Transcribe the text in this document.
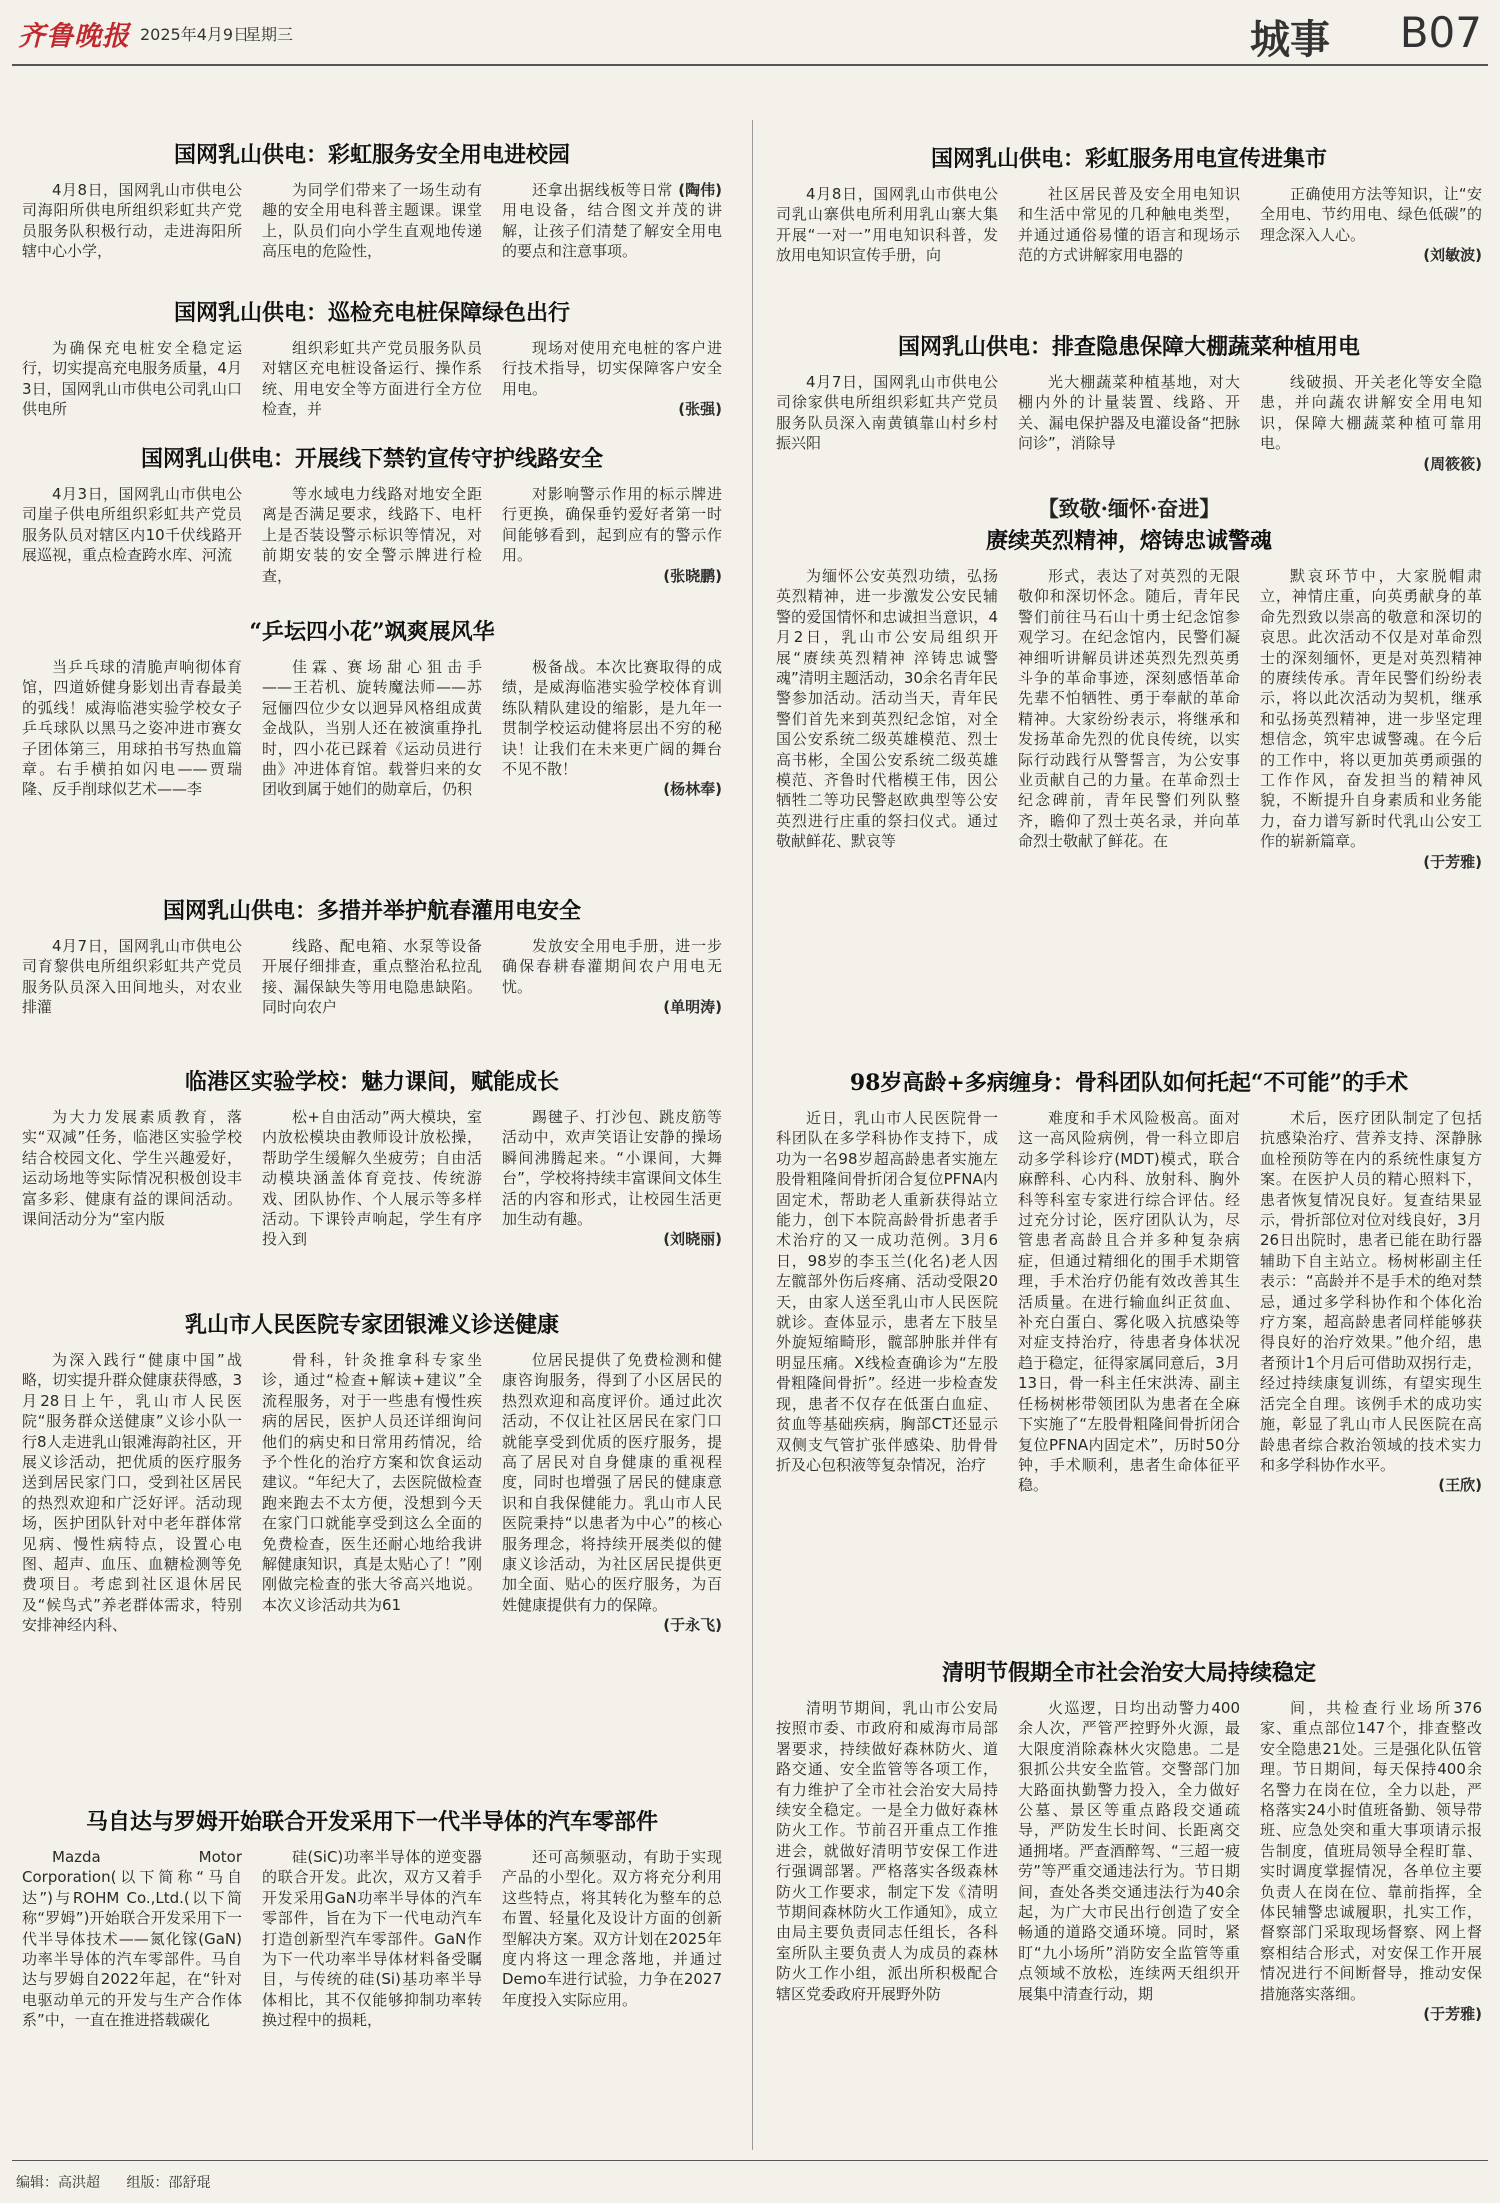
齐鲁晚报 2025年4月9日
星期三	城事 B07
国网乳山供电：彩虹服务安全用电进校园

4月8日，国网乳山市供电公司海阳所供电所组织彩虹共产党员服务队积极行动，走进海阳所辖中心小学，

为同学们带来了一场生动有趣的安全用电科普主题课。课堂上，队员们向小学生直观地传递高压电的危险性，

(陶伟)

还拿出据线板等日常用电设备，结合图文并茂的讲解，让孩子们清楚了解安全用电的要点和注意事项。

国网乳山供电：巡检充电桩保障绿色出行

为确保充电桩安全稳定运行，切实提高充电服务质量，4月3日，国网乳山市供电公司乳山口供电所

组织彩虹共产党员服务队员对辖区充电桩设备运行、操作系统、用电安全等方面进行全方位检查，并

现场对使用充电桩的客户进行技术指导，切实保障客户安全用电。

(张强)
国网乳山供电：开展线下禁钓宣传守护线路安全

4月3日，国网乳山市供电公司崖子供电所组织彩虹共产党员服务队员对辖区内10千伏线路开展巡视，重点检查跨水库、河流

等水域电力线路对地安全距离是否满足要求，线路下、电杆上是否装设警示标识等情况，对前期安装的安全警示牌进行检查，

对影响警示作用的标示牌进行更换，确保垂钓爱好者第一时间能够看到，起到应有的警示作用。

(张晓鹏)
“乒坛四小花”飒爽展风华

当乒乓球的清脆声响彻体育馆，四道娇健身影划出青春最美的弧线！威海临港实验学校女子乒乓球队以黑马之姿冲进市赛女子团体第三，用球拍书写热血篇章。右手横拍如闪电——贾瑞隆、反手削球似艺术——李

佳 霖 、赛 场 甜 心 狙 击 手——王若机、旋转魔法师——苏冠俪四位少女以迥异风格组成黄金战队，当别人还在被演重挣扎时，四小花已踩着《运动员进行曲》冲进体育馆。载誉归来的女团收到属于她们的勋章后，仍积

极备战。本次比赛取得的成绩，是威海临港实验学校体育训练队精队建设的缩影，是九年一贯制学校运动健将层出不穷的秘诀！让我们在未来更广阔的舞台不见不散！

(杨林奉)
国网乳山供电：多措并举护航春灌用电安全

4月7日，国网乳山市供电公司育黎供电所组织彩虹共产党员服务队员深入田间地头，对农业排灌

线路、配电箱、水泵等设备开展仔细排查，重点整治私拉乱接、漏保缺失等用电隐患缺陷。同时向农户

发放安全用电手册，进一步确保春耕春灌期间农户用电无忧。

(单明涛)
临港区实验学校：魅力课间，赋能成长

为大力发展素质教育，落实“双减”任务，临港区实验学校结合校园文化、学生兴趣爱好，运动场地等实际情况积极创设丰富多彩、健康有益的课间活动。课间活动分为“室内版

松+自由活动”两大模块，室内放松模块由教师设计放松操，帮助学生缓解久坐疲劳；自由活动模块涵盖体育竞技、传统游戏、团队协作、个人展示等多样活动。下课铃声响起，学生有序投入到

踢毽子、打沙包、跳皮筋等活动中，欢声笑语让安静的操场瞬间沸腾起来。“小课间，大舞台”，学校将持续丰富课间文体生活的内容和形式，让校园生活更加生动有趣。

(刘晓丽)
乳山市人民医院专家团银滩义诊送健康

为深入践行“健康中国”战略，切实提升群众健康获得感，3月28日上午，乳山市人民医院“服务群众送健康”义诊小队一行8人走进乳山银滩海韵社区，开展义诊活动，把优质的医疗服务送到居民家门口，受到社区居民的热烈欢迎和广泛好评。活动现场，医护团队针对中老年群体常见病、慢性病特点，设置心电图、超声、血压、血糖检测等免费项目。考虑到社区退休居民及“候鸟式”养老群体需求，特别安排神经内科、

骨科，针灸推拿科专家坐诊，通过“检查+解读+建议”全流程服务，对于一些患有慢性疾病的居民，医护人员还详细询问他们的病史和日常用药情况，给予个性化的治疗方案和饮食运动建议。“年纪大了，去医院做检查跑来跑去不太方便，没想到今天在家门口就能享受到这么全面的免费检查，医生还耐心地给我讲解健康知识，真是太贴心了！”刚刚做完检查的张大爷高兴地说。本次义诊活动共为61

位居民提供了免费检测和健康咨询服务，得到了小区居民的热烈欢迎和高度评价。通过此次活动，不仅让社区居民在家门口就能享受到优质的医疗服务，提高了居民对自身健康的重视程度，同时也增强了居民的健康意识和自我保健能力。乳山市人民医院秉持“以患者为中心”的核心服务理念，将持续开展类似的健康义诊活动，为社区居民提供更加全面、贴心的医疗服务，为百姓健康提供有力的保障。

(于永飞)
马自达与罗姆开始联合开发采用下一代半导体的汽车零部件

Mazda Motor Corporation(以下简称“马自达”)与ROHM Co.,Ltd.(以下简称“罗姆”)开始联合开发采用下一代半导体技术——氮化镓(GaN)功率半导体的汽车零部件。马自达与罗姆自2022年起，在“针对电驱动单元的开发与生产合作体系”中，一直在推进搭载碳化

硅(SiC)功率半导体的逆变器的联合开发。此次，双方又着手开发采用GaN功率半导体的汽车零部件，旨在为下一代电动汽车打造创新型汽车零部件。GaN作为下一代功率半导体材料备受瞩目，与传统的硅(Si)基功率半导体相比，其不仅能够抑制功率转换过程中的损耗，

还可高频驱动，有助于实现产品的小型化。双方将充分利用这些特点，将其转化为整车的总布置、轻量化及设计方面的创新型解决方案。双方计划在2025年度内将这一理念落地，并通过Demo车进行试验，力争在2027年度投入实际应用。

国网乳山供电：彩虹服务用电宣传进集市

4月8日，国网乳山市供电公司乳山寨供电所利用乳山寨大集开展“一对一”用电知识科普，发放用电知识宣传手册，向

社区居民普及安全用电知识和生活中常见的几种触电类型，并通过通俗易懂的语言和现场示范的方式讲解家用电器的

正确使用方法等知识，让“安全用电、节约用电、绿色低碳”的理念深入人心。

(刘敏波)
国网乳山供电：排查隐患保障大棚蔬菜种植用电

4月7日，国网乳山市供电公司徐家供电所组织彩虹共产党员服务队员深入南黄镇靠山村乡村振兴阳

光大棚蔬菜种植基地，对大棚内外的计量装置、线路、开关、漏电保护器及电灌设备“把脉问诊”，消除导

线破损、开关老化等安全隐患，并向蔬农讲解安全用电知识，保障大棚蔬菜种植可靠用电。

(周筱筱)
【致敬·缅怀·奋进】
赓续英烈精神，熔铸忠诚警魂

为缅怀公安英烈功绩，弘扬英烈精神，进一步激发公安民辅警的爱国情怀和忠诚担当意识，4月2日，乳山市公安局组织开展“赓续英烈精神 淬铸忠诚警魂”清明主题活动，30余名青年民警参加活动。活动当天，青年民警们首先来到英烈纪念馆，对全国公安系统二级英雄模范、烈士高书彬，全国公安系统二级英雄模范、齐鲁时代楷模王伟，因公牺牲二等功民警赵欧典型等公安英烈进行庄重的祭扫仪式。通过敬献鲜花、默哀等

形式，表达了对英烈的无限敬仰和深切怀念。随后，青年民警们前往马石山十勇士纪念馆参观学习。在纪念馆内，民警们凝神细听讲解员讲述英烈先烈英勇斗争的革命事迹，深刻感悟革命先辈不怕牺牲、勇于奉献的革命精神。大家纷纷表示，将继承和发扬革命先烈的优良传统，以实际行动践行从警誓言，为公安事业贡献自己的力量。在革命烈士纪念碑前，青年民警们列队整齐，瞻仰了烈士英名录，并向革命烈士敬献了鲜花。在

默哀环节中，大家脱帽肃立，神情庄重，向英勇献身的革命先烈致以崇高的敬意和深切的哀思。此次活动不仅是对革命烈士的深刻缅怀，更是对英烈精神的赓续传承。青年民警们纷纷表示，将以此次活动为契机，继承和弘扬英烈精神，进一步坚定理想信念，筑牢忠诚警魂。在今后的工作中，将以更加英勇顽强的工作作风，奋发担当的精神风貌，不断提升自身素质和业务能力，奋力谱写新时代乳山公安工作的崭新篇章。

(于芳雅)
98岁高龄+多病缠身：骨科团队如何托起“不可能”的手术

近日，乳山市人民医院骨一科团队在多学科协作支持下，成功为一名98岁超高龄患者实施左股骨粗隆间骨折闭合复位PFNA内固定术，帮助老人重新获得站立能力，创下本院高龄骨折患者手术治疗的又一成功范例。3月6日，98岁的李玉兰(化名)老人因左髋部外伤后疼痛、活动受限20天，由家人送至乳山市人民医院就诊。查体显示，患者左下肢呈外旋短缩畸形，髋部肿胀并伴有明显压痛。X线检查确诊为“左股骨粗隆间骨折”。经进一步检查发现，患者不仅存在低蛋白血症、贫血等基础疾病，胸部CT还显示双侧支气管扩张伴感染、肋骨骨折及心包积液等复杂情况，治疗

难度和手术风险极高。面对这一高风险病例，骨一科立即启动多学科诊疗(MDT)模式，联合麻醉科、心内科、放射科、胸外科等科室专家进行综合评估。经过充分讨论，医疗团队认为，尽管患者高龄且合并多种复杂病症，但通过精细化的围手术期管理，手术治疗仍能有效改善其生活质量。在进行输血纠正贫血、补充白蛋白、雾化吸入抗感染等对症支持治疗，待患者身体状况趋于稳定，征得家属同意后，3月13日，骨一科主任宋洪涛、副主任杨树彬带领团队为患者在全麻下实施了“左股骨粗隆间骨折闭合复位PFNA内固定术”，历时50分钟，手术顺利，患者生命体征平稳。

术后，医疗团队制定了包括抗感染治疗、营养支持、深静脉血栓预防等在内的系统性康复方案。在医护人员的精心照料下，患者恢复情况良好。复查结果显示，骨折部位对位对线良好，3月26日出院时，患者已能在助行器辅助下自主站立。杨树彬副主任表示：“高龄并不是手术的绝对禁忌，通过多学科协作和个体化治疗方案，超高龄患者同样能够获得良好的治疗效果。”他介绍，患者预计1个月后可借助双拐行走，经过持续康复训练，有望实现生活完全自理。该例手术的成功实施，彰显了乳山市人民医院在高龄患者综合救治领域的技术实力和多学科协作水平。

(王欣)
清明节假期全市社会治安大局持续稳定

清明节期间，乳山市公安局按照市委、市政府和威海市局部署要求，持续做好森林防火、道路交通、安全监管等各项工作，有力维护了全市社会治安大局持续安全稳定。一是全力做好森林防火工作。节前召开重点工作推进会，就做好清明节安保工作进行强调部署。严格落实各级森林防火工作要求，制定下发《清明节期间森林防火工作通知》，成立由局主要负责同志任组长，各科室所队主要负责人为成员的森林防火工作小组，派出所积极配合辖区党委政府开展野外防

火巡逻，日均出动警力400余人次，严管严控野外火源，最大限度消除森林火灾隐患。二是狠抓公共安全监管。交警部门加大路面执勤警力投入，全力做好公墓、景区等重点路段交通疏导，严防发生长时间、长距离交通拥堵。严查酒醉驾、“三超一疲劳”等严重交通违法行为。节日期间，查处各类交通违法行为40余起，为广大市民出行创造了安全畅通的道路交通环境。同时，紧盯“九小场所”消防安全监管等重点领域不放松，连续两天组织开展集中清查行动，期

间，共检查行业场所376家、重点部位147个，排查整改安全隐患21处。三是强化队伍管理。节日期间，每天保持400余名警力在岗在位，全力以赴，严格落实24小时值班备勤、领导带班、应急处突和重大事项请示报告制度，值班局领导全程盯靠、实时调度掌握情况，各单位主要负责人在岗在位、靠前指挥，全体民辅警忠诚履职，扎实工作，督察部门采取现场督察、网上督察相结合形式，对安保工作开展情况进行不间断督导，推动安保措施落实落细。

(于芳雅)
编辑：高洪超 组版：邵舒琨
